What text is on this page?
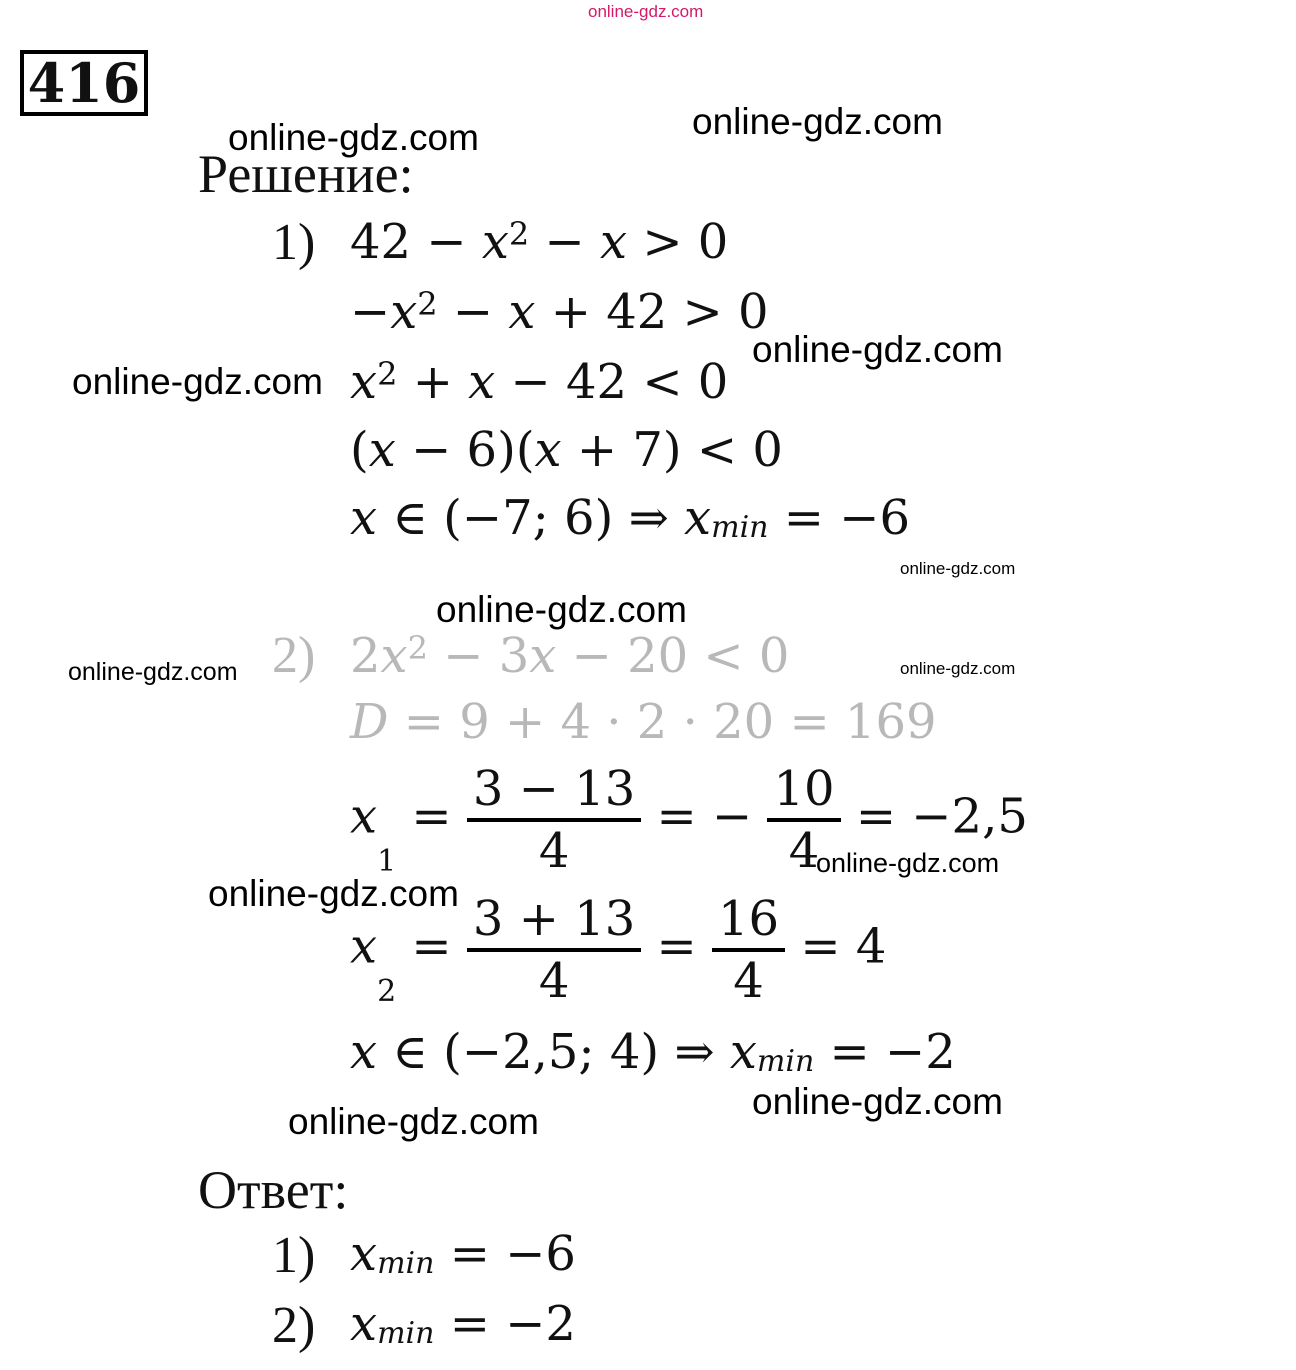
online-gdz.com
416
Решение:
1) $42 - x^2 - x > 0$
$-x^2 - x + 42 > 0$
$x^2 + x - 42 < 0$
(x − 6)(x + 7) < 0
x ∈ (−7; 6) ⇒ $x_{min} = -6$
2) $2x^2 - 3x - 20 < 0$
D = 9 + 4 · 2 · 20 = 169
$x_1 = \frac{3 - 13}{4}$ = − $\frac{10}{4} = -2,5$
$x_2 = \frac{3 + 13}{4} = \frac{16}{4} = 4$
x ∈ (−2,5; 4) ⇒ $x_{min} = -2$
Ответ:
1) $x_{min} = -6$
2) $x_{min} = -2$
online-gdz.com	online-gdz.com
online-gdz.com
online-gdz.com
online-gdz.com
online-gdz.com
online-gdz.com	online-gdz.com
online-gdz.com
online-gdz.com
online-gdz.com
online-gdz.com
